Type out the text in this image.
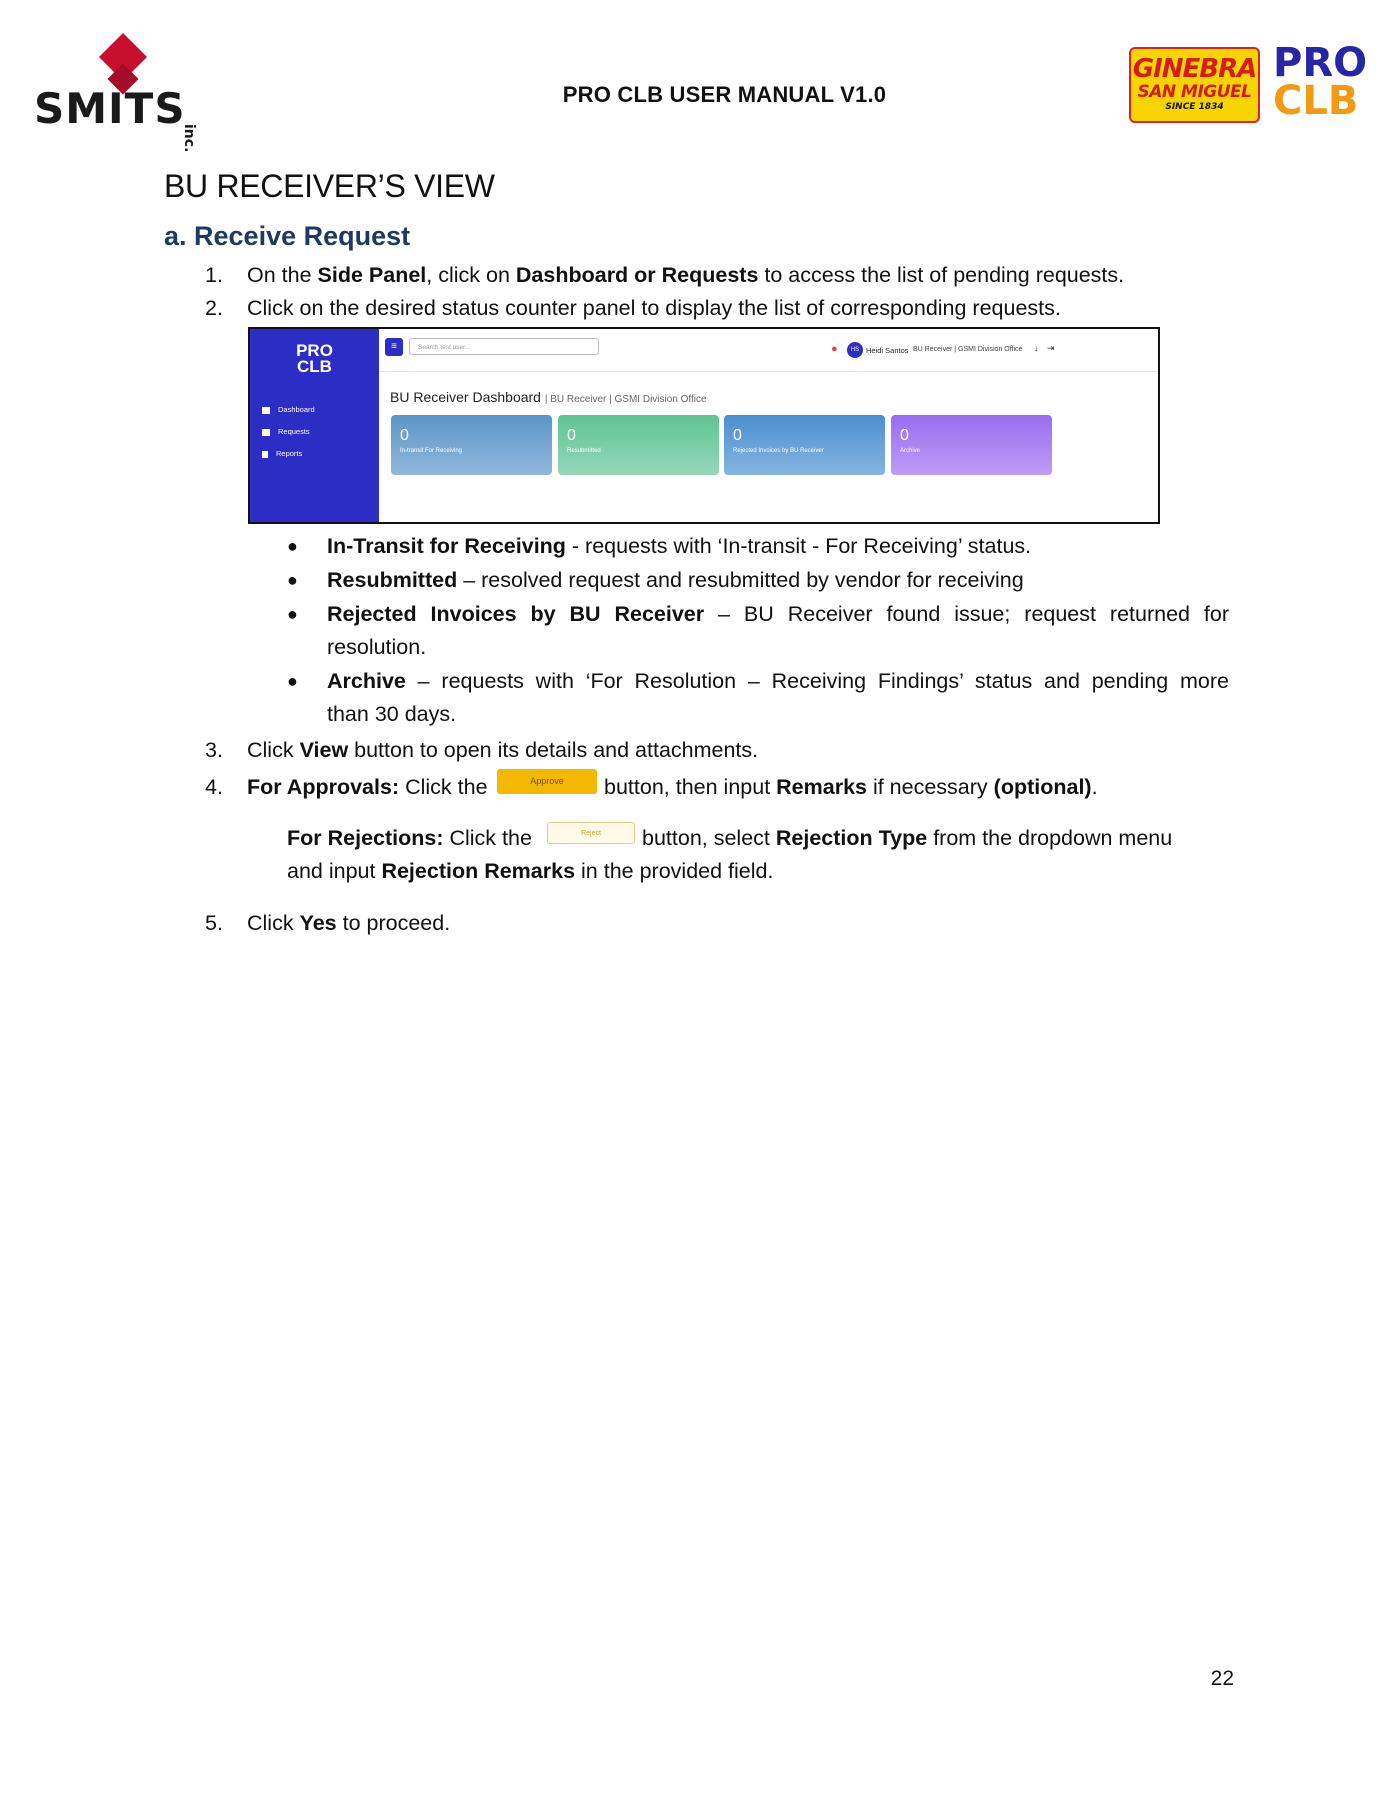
SMITS
inc.
PRO CLB USER MANUAL V1.0
GINEBRA
SAN MIGUEL
SINCE 1834
PRO
CLB
BU RECEIVER’S VIEW
a. Receive Request
1.	On the Side Panel, click on Dashboard or Requests to access the list of pending requests.
2.	Click on the desired status counter panel to display the list of corresponding requests.
PRO
CLB
Dashboard
Requests
Reports
≡	Search test user...	●	HS Heidi Santos BU Receiver | GSMI Division Office ↓ ⇥
BU Receiver Dashboard | BU Receiver | GSMI Division Office
0
In-transit For Receiving
0
Resubmitted
0
Rejected Invoices by BU Receiver
0
Archive
● In-Transit for Receiving - requests with ‘In-transit - For Receiving’ status.
● Resubmitted – resolved request and resubmitted by vendor for receiving
● Rejected Invoices by BU Receiver – BU Receiver found issue; request returned for
resolution.
● Archive – requests with ‘For Resolution – Receiving Findings’ status and pending more
than 30 days.
3.	Click View button to open its details and attachments.
4.	For Approvals: Click the	button, then input Remarks if necessary (optional).
Approve
For Rejections: Click the	button, select Rejection Type from the dropdown menu
and input Rejection Remarks in the provided field.
Reject
5.	Click Yes to proceed.
22
